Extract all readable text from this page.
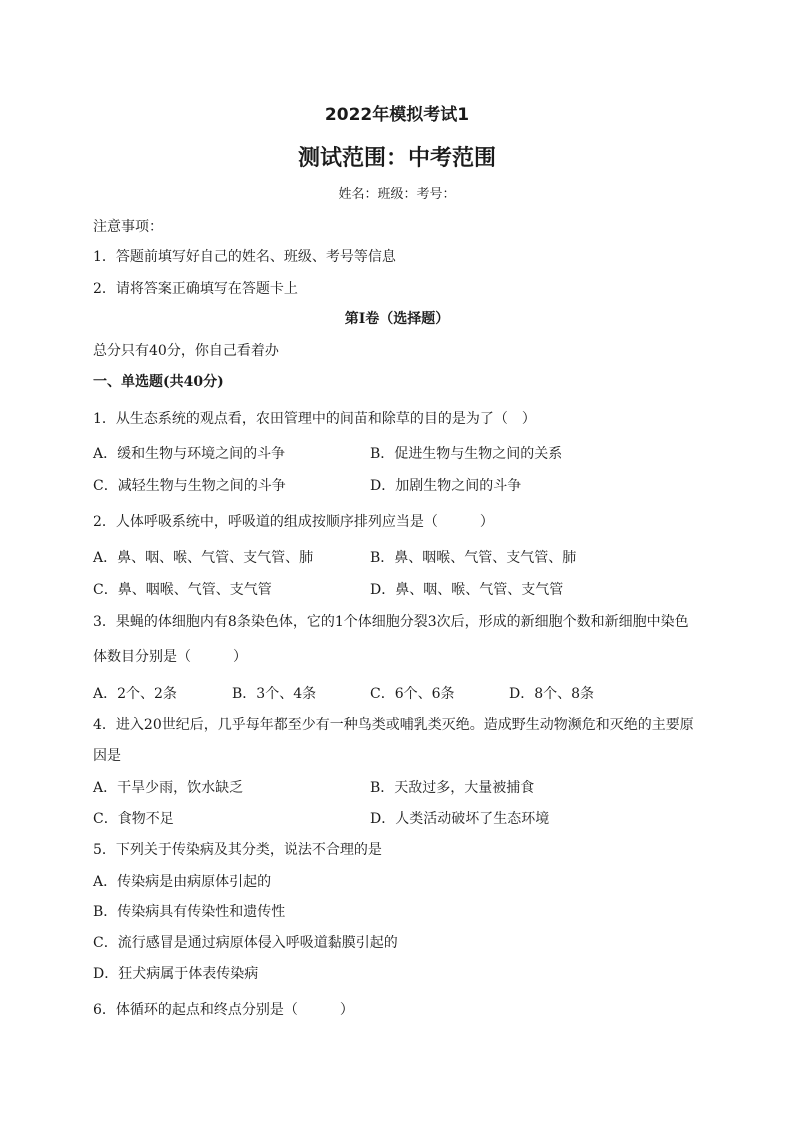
2022年模拟考试1
测试范围：中考范围
姓名：班级：考号：
注意事项：
1．答题前填写好自己的姓名、班级、考号等信息
2．请将答案正确填写在答题卡上
第I卷（选择题）
总分只有40分，你自己看着办
一、单选题(共40分)
1．从生态系统的观点看，农田管理中的间苗和除草的目的是为了（　）
A．缓和生物与环境之间的斗争	B．促进生物与生物之间的关系
C．减轻生物与生物之间的斗争	D．加剧生物之间的斗争
2．人体呼吸系统中，呼吸道的组成按顺序排列应当是（　　　）
A．鼻、咽、喉、气管、支气管、肺	B．鼻、咽喉、气管、支气管、肺
C．鼻、咽喉、气管、支气管	D．鼻、咽、喉、气管、支气管
3．果蝇的体细胞内有8条染色体，它的1个体细胞分裂3次后，形成的新细胞个数和新细胞中染色
体数目分别是（　　　）
A．2个、2条	B．3个、4条	C．6个、6条	D．8个、8条
4．进入20世纪后，几乎每年都至少有一种鸟类或哺乳类灭绝。造成野生动物濒危和灭绝的主要原
因是
A．干旱少雨，饮水缺乏	B．天敌过多，大量被捕食
C．食物不足	D．人类活动破坏了生态环境
5．下列关于传染病及其分类，说法不合理的是
A．传染病是由病原体引起的
B．传染病具有传染性和遗传性
C．流行感冒是通过病原体侵入呼吸道黏膜引起的
D．狂犬病属于体表传染病
6．体循环的起点和终点分别是（　　　）
